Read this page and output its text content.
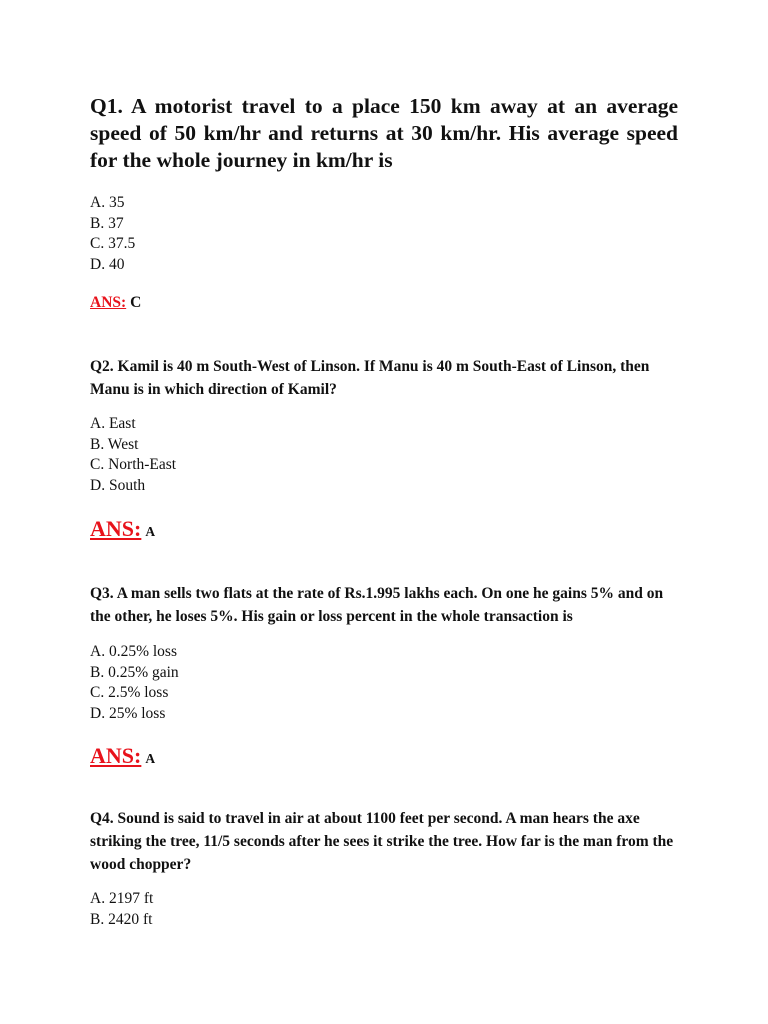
Q1. A motorist travel to a place 150 km away at an average speed of 50 km/hr and returns at 30 km/hr. His average speed for the whole journey in km/hr is

A. 35
B. 37
C. 37.5
D. 40

ANS: C

Q2. Kamil is 40 m South-West of Linson. If Manu is 40 m South-East of Linson, then Manu is in which direction of Kamil?

A. East
B. West
C. North-East
D. South

ANS: A

Q3. A man sells two flats at the rate of Rs.1.995 lakhs each. On one he gains 5% and on the other, he loses 5%. His gain or loss percent in the whole transaction is

A. 0.25% loss
B. 0.25% gain
C. 2.5% loss
D. 25% loss

ANS: A

Q4. Sound is said to travel in air at about 1100 feet per second. A man hears the axe striking the tree, 11/5 seconds after he sees it strike the tree. How far is the man from the wood chopper?

A. 2197 ft
B. 2420 ft
